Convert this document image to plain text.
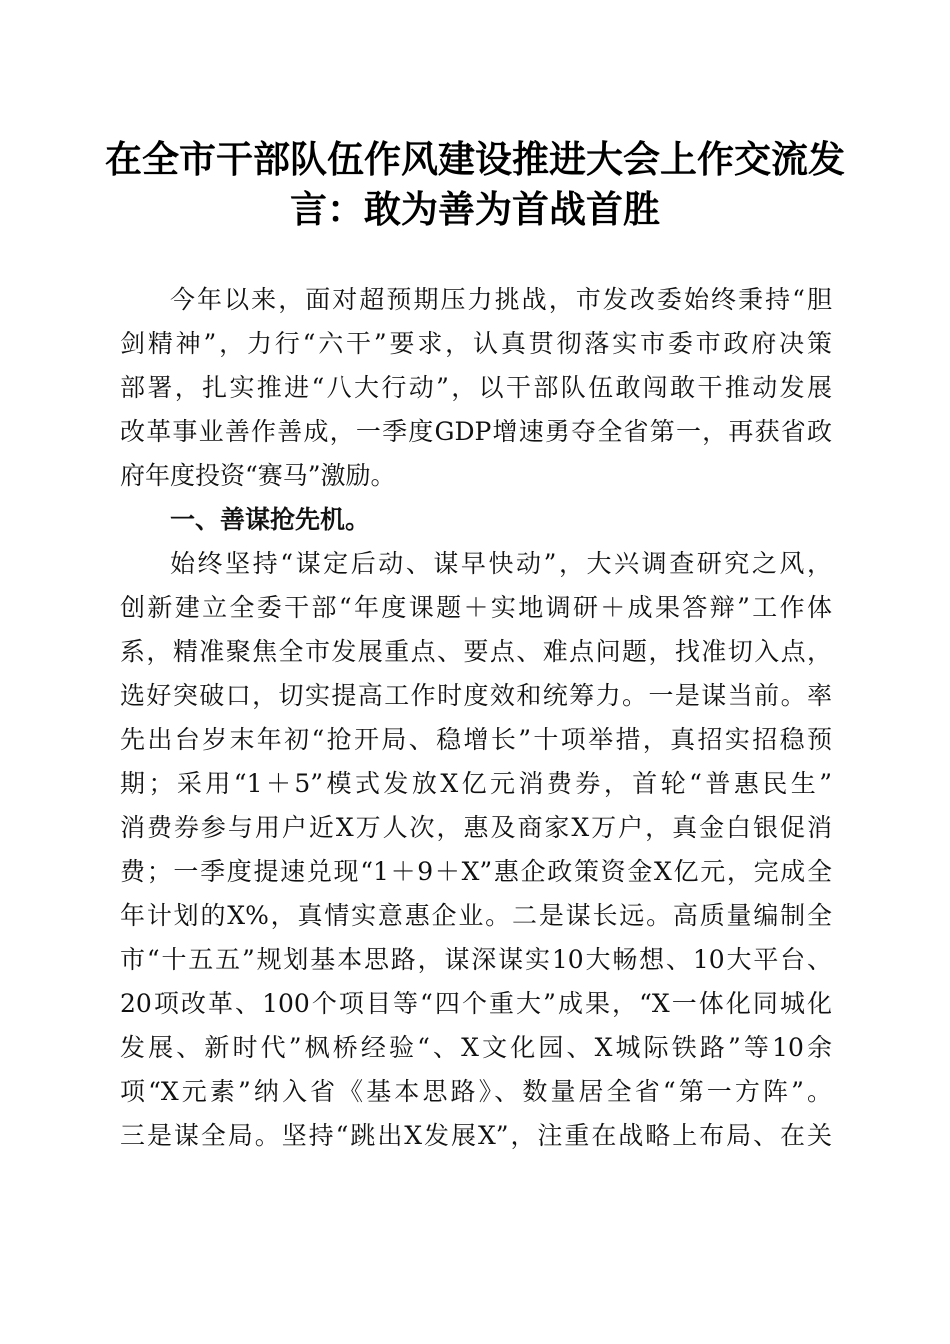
在全市干部队伍作风建设推进大会上作交流发
言：敢为善为首战首胜
今年以来，面对超预期压力挑战，市发改委始终秉持“胆
剑精神”，力行“六干”要求，认真贯彻落实市委市政府决策
部署，扎实推进“八大行动”，以干部队伍敢闯敢干推动发展
改革事业善作善成，一季度GDP增速勇夺全省第一，再获省政
府年度投资“赛马”激励。
一、善谋抢先机。
始终坚持“谋定后动、谋早快动”，大兴调查研究之风，
创新建立全委干部“年度课题＋实地调研＋成果答辩”工作体
系，精准聚焦全市发展重点、要点、难点问题，找准切入点，
选好突破口，切实提高工作时度效和统筹力。一是谋当前。率
先出台岁末年初“抢开局、稳增长”十项举措，真招实招稳预
期；采用“1＋5”模式发放X亿元消费券，首轮“普惠民生”
消费券参与用户近X万人次，惠及商家X万户，真金白银促消
费；一季度提速兑现“1＋9＋X”惠企政策资金X亿元，完成全
年计划的X%，真情实意惠企业。二是谋长远。高质量编制全
市“十五五”规划基本思路，谋深谋实10大畅想、10大平台、
20项改革、100个项目等“四个重大”成果，“X一体化同城化
发展、新时代”枫桥经验“、X文化园、X城际铁路”等10余
项“X元素”纳入省《基本思路》、数量居全省“第一方阵”。
三是谋全局。坚持“跳出X发展X”，注重在战略上布局、在关
